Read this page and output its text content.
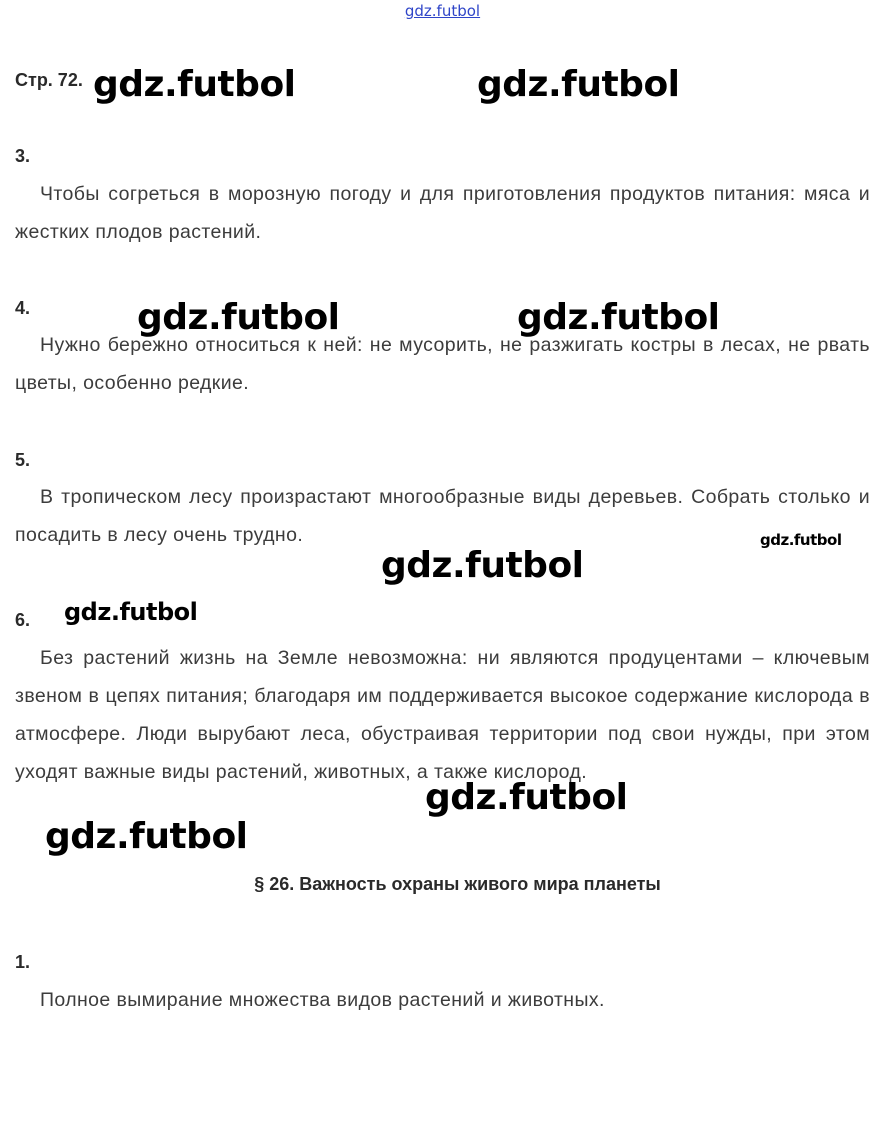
gdz.futbol
Стр. 72.
3.
Чтобы согреться в морозную погоду и для приготовления продуктов питания: мяса и жестких плодов растений.
4.
Нужно бережно относиться к ней: не мусорить, не разжигать костры в лесах, не рвать цветы, особенно редкие.
5.
В тропическом лесу произрастают многообразные виды деревьев. Собрать столько и посадить в лесу очень трудно.
6.
Без растений жизнь на Земле невозможна: ни являются продуцентами – ключевым звеном в цепях питания; благодаря им поддерживается высокое содержание кислорода в атмосфере. Люди вырубают леса, обустраивая территории под свои нужды, при этом уходят важные виды растений, животных, а также кислород.
§ 26. Важность охраны живого мира планеты
1.
Полное вымирание множества видов растений и животных.
gdz.futbol	gdz.futbol
gdz.futbol	gdz.futbol
gdz.futbol
gdz.futbol
gdz.futbol
gdz.futbol
gdz.futbol
